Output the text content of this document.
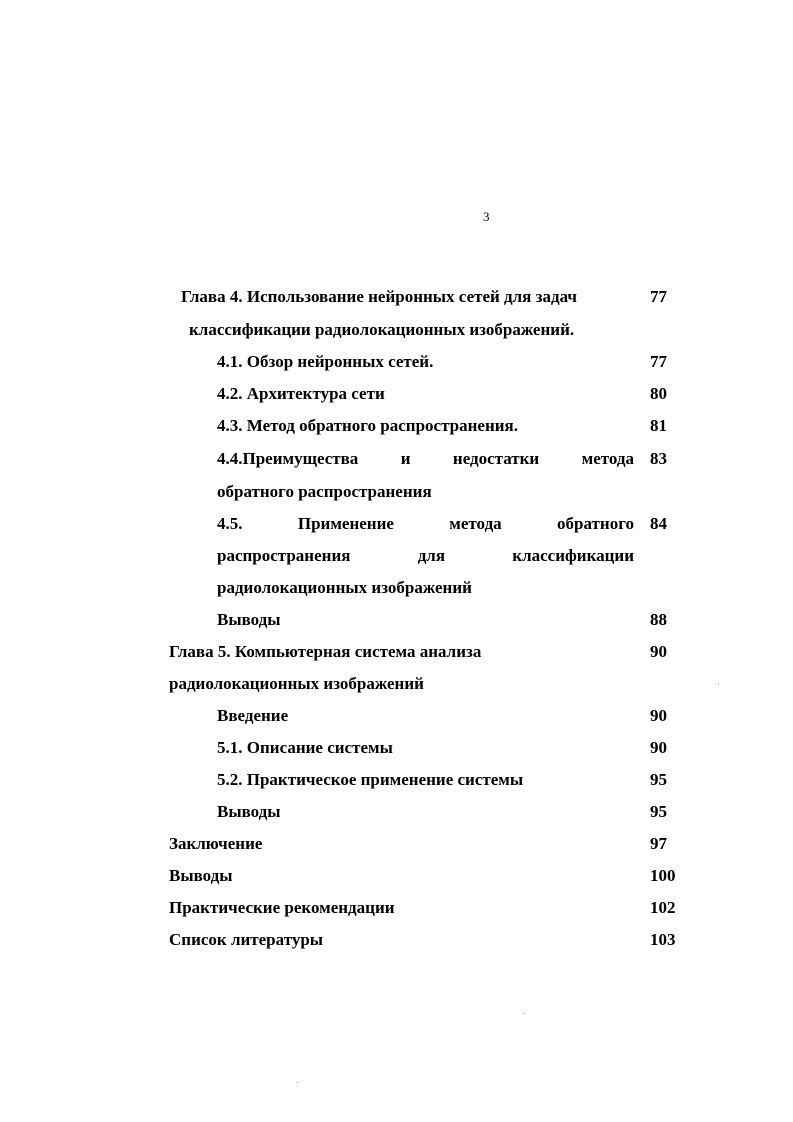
3
Глава 4. Использование нейронных сетей для задач	77
классификации радиолокационных изображений.
4.1. Обзор нейронных сетей.	77
4.2. Архитектура сети	80
4.3. Метод обратного распространения.	81
4.4.Преимущества и недостатки метода 83
обратного распространения
4.5. Применение метода обратного 84
распространения для классификации
радиолокационных изображений
Выводы	88
Глава 5. Компьютерная система анализа	90
радиолокационных изображений
Введение	90
5.1. Описание системы	90
5.2. Практическое применение системы	95
Выводы	95
Заключение	97
Выводы	100
Практические рекомендации	102
Список литературы	103
